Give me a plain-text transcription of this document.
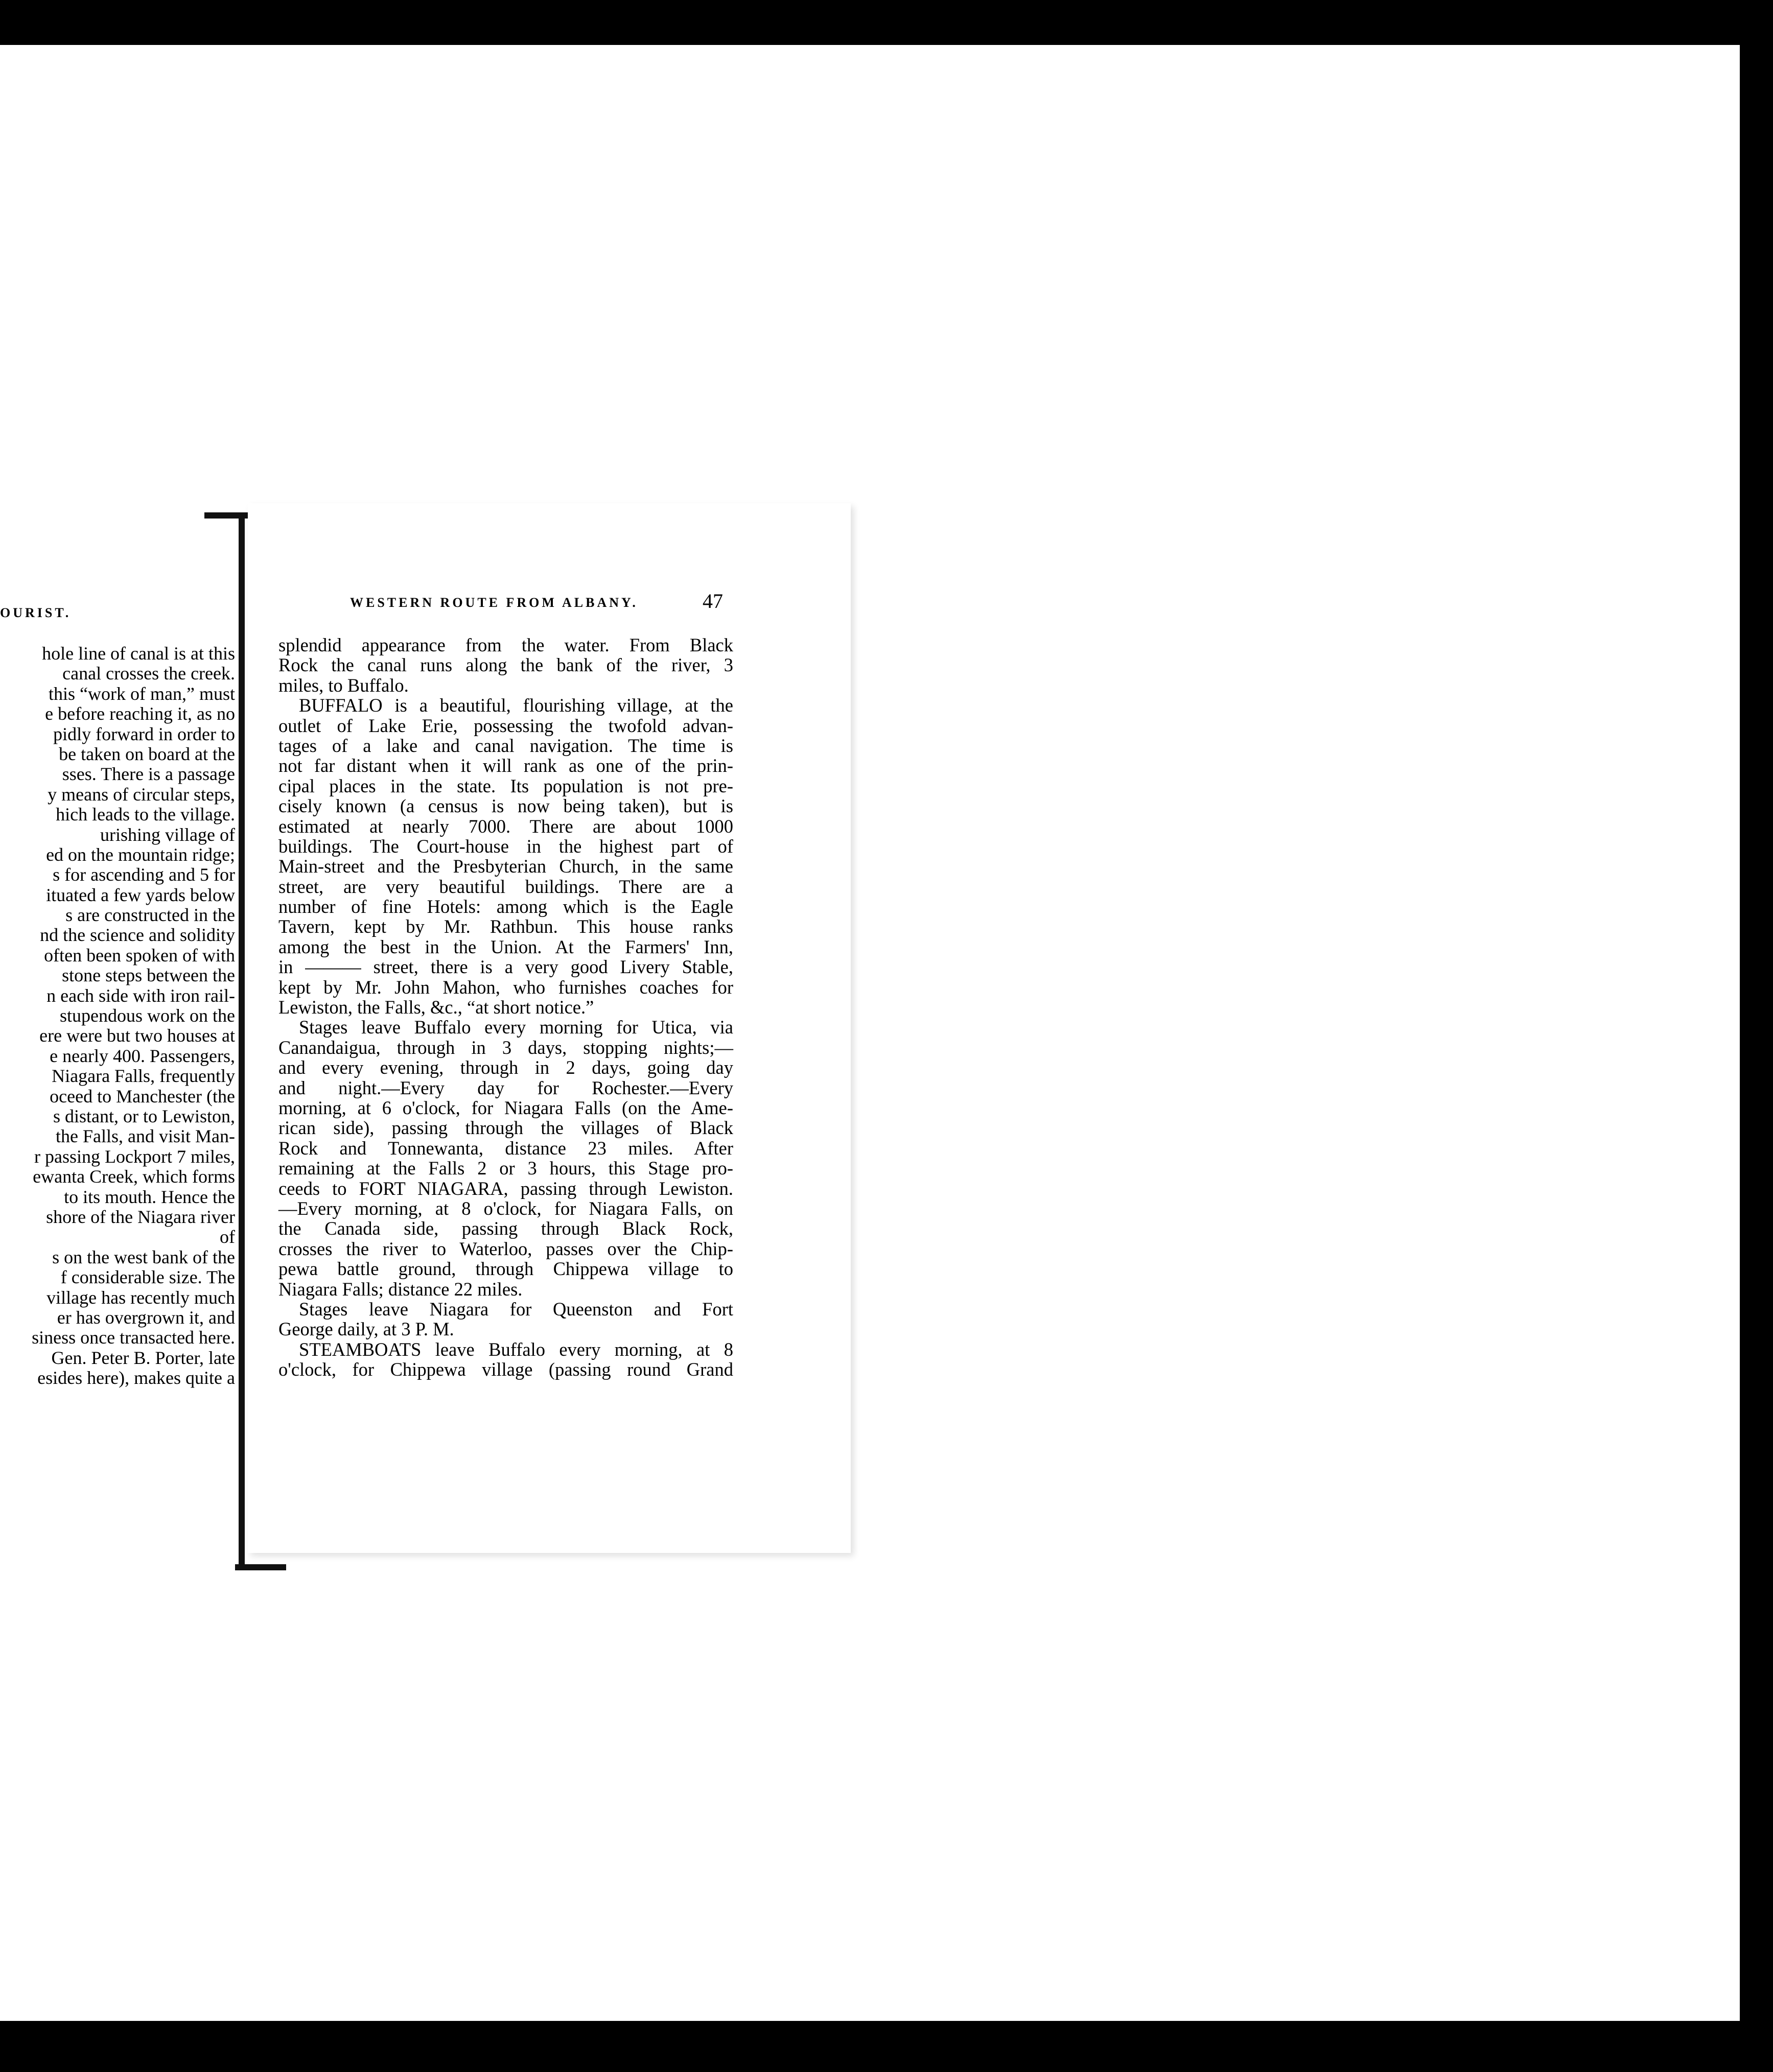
OURIST.
hole line of canal is at this
canal crosses the creek.
this “work of man,” must
e before reaching it, as no
pidly forward in order to
be taken on board at the
sses. There is a passage
y means of circular steps,
hich leads to the village.
urishing village of
ed on the mountain ridge;
s for ascending and 5 for
ituated a few yards below
s are constructed in the
nd the science and solidity
often been spoken of with
stone steps between the
n each side with iron rail-
stupendous work on the
ere were but two houses at
e nearly 400. Passengers,
Niagara Falls, frequently
oceed to Manchester (the
s distant, or to Lewiston,
the Falls, and visit Man-
r passing Lockport 7 miles,
ewanta Creek, which forms
to its mouth. Hence the
shore of the Niagara river
of
s on the west bank of the
f considerable size. The
village has recently much
er has overgrown it, and
siness once transacted here.
Gen. Peter B. Porter, late
esides here), makes quite a
WESTERN ROUTE FROM ALBANY.	47
splendid appearance from the water. From Black
Rock the canal runs along the bank of the river, 3
miles, to Buffalo.
BUFFALO is a beautiful, flourishing village, at the
outlet of Lake Erie, possessing the twofold advan-
tages of a lake and canal navigation. The time is
not far distant when it will rank as one of the prin-
cipal places in the state. Its population is not pre-
cisely known (a census is now being taken), but is
estimated at nearly 7000. There are about 1000
buildings. The Court-house in the highest part of
Main-street and the Presbyterian Church, in the same
street, are very beautiful buildings. There are a
number of fine Hotels: among which is the Eagle
Tavern, kept by Mr. Rathbun. This house ranks
among the best in the Union. At the Farmers' Inn,
in ——— street, there is a very good Livery Stable,
kept by Mr. John Mahon, who furnishes coaches for
Lewiston, the Falls, &c., “at short notice.”
Stages leave Buffalo every morning for Utica, via
Canandaigua, through in 3 days, stopping nights;—
and every evening, through in 2 days, going day
and night.—Every day for Rochester.—Every
morning, at 6 o'clock, for Niagara Falls (on the Ame-
rican side), passing through the villages of Black
Rock and Tonnewanta, distance 23 miles. After
remaining at the Falls 2 or 3 hours, this Stage pro-
ceeds to FORT NIAGARA, passing through Lewiston.
—Every morning, at 8 o'clock, for Niagara Falls, on
the Canada side, passing through Black Rock,
crosses the river to Waterloo, passes over the Chip-
pewa battle ground, through Chippewa village to
Niagara Falls; distance 22 miles.
Stages leave Niagara for Queenston and Fort
George daily, at 3 P. M.
STEAMBOATS leave Buffalo every morning, at 8
o'clock, for Chippewa village (passing round Grand
